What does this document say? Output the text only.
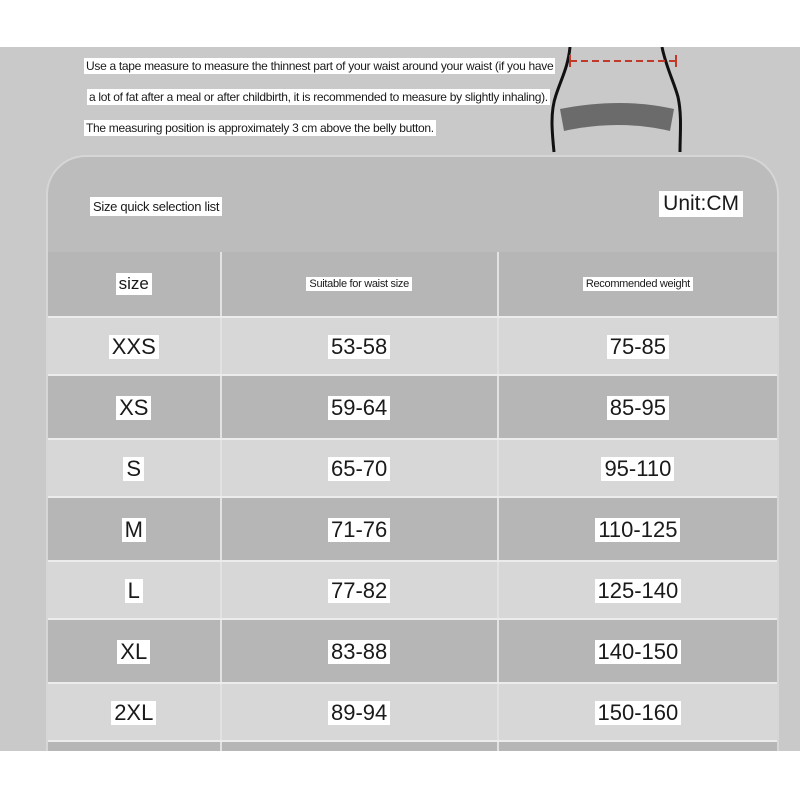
Use a tape measure to measure the thinnest part of your waist around your waist (if you have
a lot of fat after a meal or after childbirth, it is recommended to measure by slightly inhaling).
The measuring position is approximately 3 cm above the belly button.
Size quick selection list	Unit:CM
size	Suitable for waist size	Recommended weight
XXS	53-58	75-85
XS	59-64	85-95
S	65-70	95-110
M	71-76	110-125
L	77-82	125-140
XL	83-88	140-150
2XL	89-94	150-160
